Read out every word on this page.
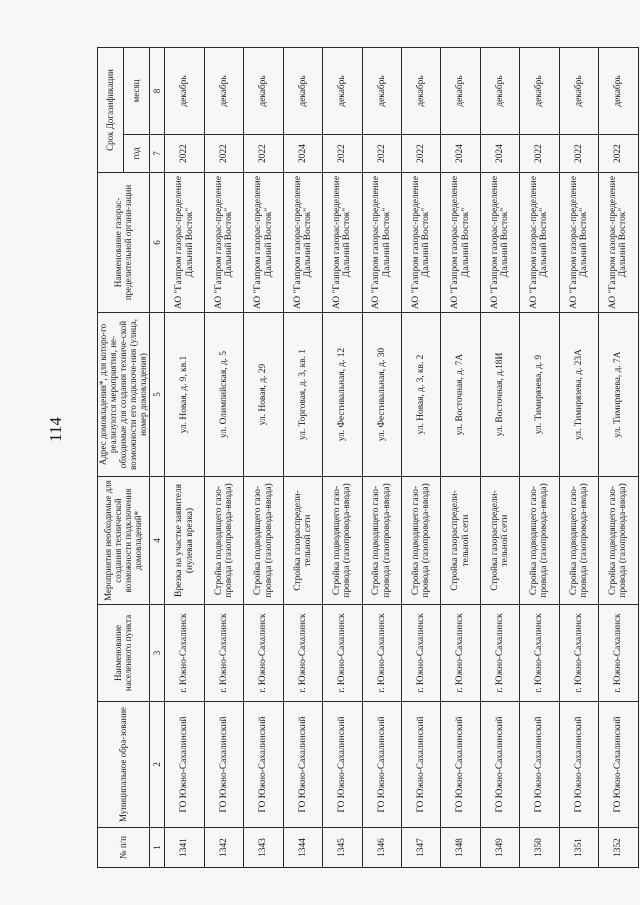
114
№ п/п	Муниципальное обра-зование	Наименование населенного пункта	Мероприятия необходимые для создания технической возможности подключения домовладений*	Адрес домовладения*, для которо-го реализуются мероприятия, не-обходимые для создания техниче-ской возможности его подключе-ния (улица, номер домовладения)	Наименование газорас-пределительной органи-зации	Срок Догазификации	
						год	месяц
1	2	3	4	5	6	7	8
1341	ГО Южно-Сахалинский	г. Южно-Сахалинск	Врезка на участке заявителя (нулевая врезка)	ул. Новая, д. 9, кв.1	АО "Газпром газорас-пределение Дальний Восток"	2022	декабрь
1342	ГО Южно-Сахалинский	г. Южно-Сахалинск	Стройка подводящего газо-провода (газопровода-ввода)	ул. Олимпийская, д. 5	АО "Газпром газорас-пределение Дальний Восток"	2022	декабрь
1343	ГО Южно-Сахалинский	г. Южно-Сахалинск	Стройка подводящего газо-провода (газопровода-ввода)	ул. Новая, д. 29	АО "Газпром газорас-пределение Дальний Восток"	2022	декабрь
1344	ГО Южно-Сахалинский	г. Южно-Сахалинск	Стройка газораспредели-тельной сети	ул. Торговая, д. 3, кв. 1	АО "Газпром газорас-пределение Дальний Восток"	2024	декабрь
1345	ГО Южно-Сахалинский	г. Южно-Сахалинск	Стройка подводящего газо-провода (газопровода-ввода)	ул. Фестивальная, д. 12	АО "Газпром газорас-пределение Дальний Восток"	2022	декабрь
1346	ГО Южно-Сахалинский	г. Южно-Сахалинск	Стройка подводящего газо-провода (газопровода-ввода)	ул. Фестивальная, д. 30	АО "Газпром газорас-пределение Дальний Восток"	2022	декабрь
1347	ГО Южно-Сахалинский	г. Южно-Сахалинск	Стройка подводящего газо-провода (газопровода-ввода)	ул. Новая, д. 3, кв. 2	АО "Газпром газорас-пределение Дальний Восток"	2022	декабрь
1348	ГО Южно-Сахалинский	г. Южно-Сахалинск	Стройка газораспредели-тельной сети	ул. Восточная, д. 7А	АО "Газпром газорас-пределение Дальний Восток"	2024	декабрь
1349	ГО Южно-Сахалинский	г. Южно-Сахалинск	Стройка газораспредели-тельной сети	ул. Восточная, д.18И	АО "Газпром газорас-пределение Дальний Восток"	2024	декабрь
1350	ГО Южно-Сахалинский	г. Южно-Сахалинск	Стройка подводящего газо-провода (газопровода-ввода)	ул. Тимирязева, д. 9	АО "Газпром газорас-пределение Дальний Восток"	2022	декабрь
1351	ГО Южно-Сахалинский	г. Южно-Сахалинск	Стройка подводящего газо-провода (газопровода-ввода)	ул. Тимирязева, д. 23А	АО "Газпром газорас-пределение Дальний Восток"	2022	декабрь
1352	ГО Южно-Сахалинский	г. Южно-Сахалинск	Стройка подводящего газо-провода (газопровода-ввода)	ул. Тимирязева, д. 7А	АО "Газпром газорас-пределение Дальний Восток"	2022	декабрь
